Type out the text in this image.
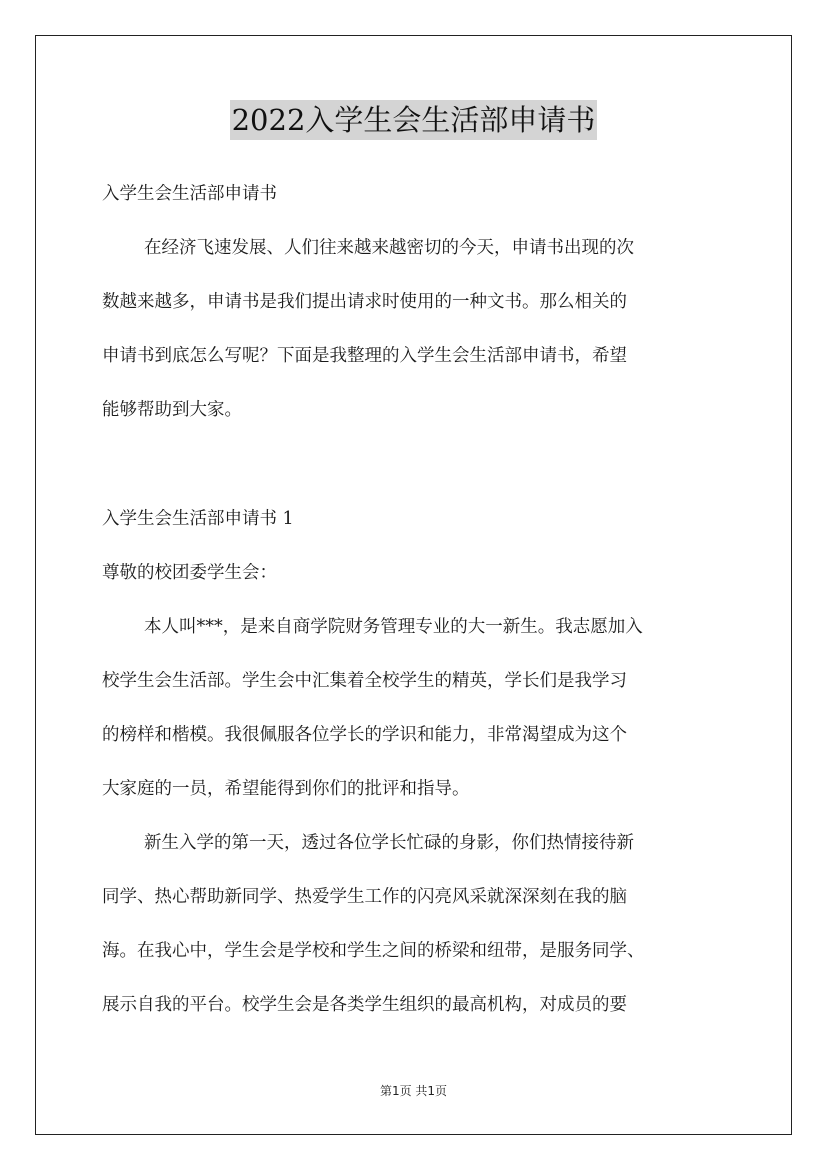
2022入学生会生活部申请书
入学生会生活部申请书
在经济飞速发展、人们往来越来越密切的今天，申请书出现的次
数越来越多，申请书是我们提出请求时使用的一种文书。那么相关的
申请书到底怎么写呢？下面是我整理的入学生会生活部申请书，希望
能够帮助到大家。
入学生会生活部申请书 1
尊敬的校团委学生会：
本人叫***，是来自商学院财务管理专业的大一新生。我志愿加入
校学生会生活部。学生会中汇集着全校学生的精英，学长们是我学习
的榜样和楷模。我很佩服各位学长的学识和能力，非常渴望成为这个
大家庭的一员，希望能得到你们的批评和指导。
新生入学的第一天，透过各位学长忙碌的身影，你们热情接待新
同学、热心帮助新同学、热爱学生工作的闪亮风采就深深刻在我的脑
海。在我心中，学生会是学校和学生之间的桥梁和纽带，是服务同学、
展示自我的平台。校学生会是各类学生组织的最高机构，对成员的要
第1页 共1页
